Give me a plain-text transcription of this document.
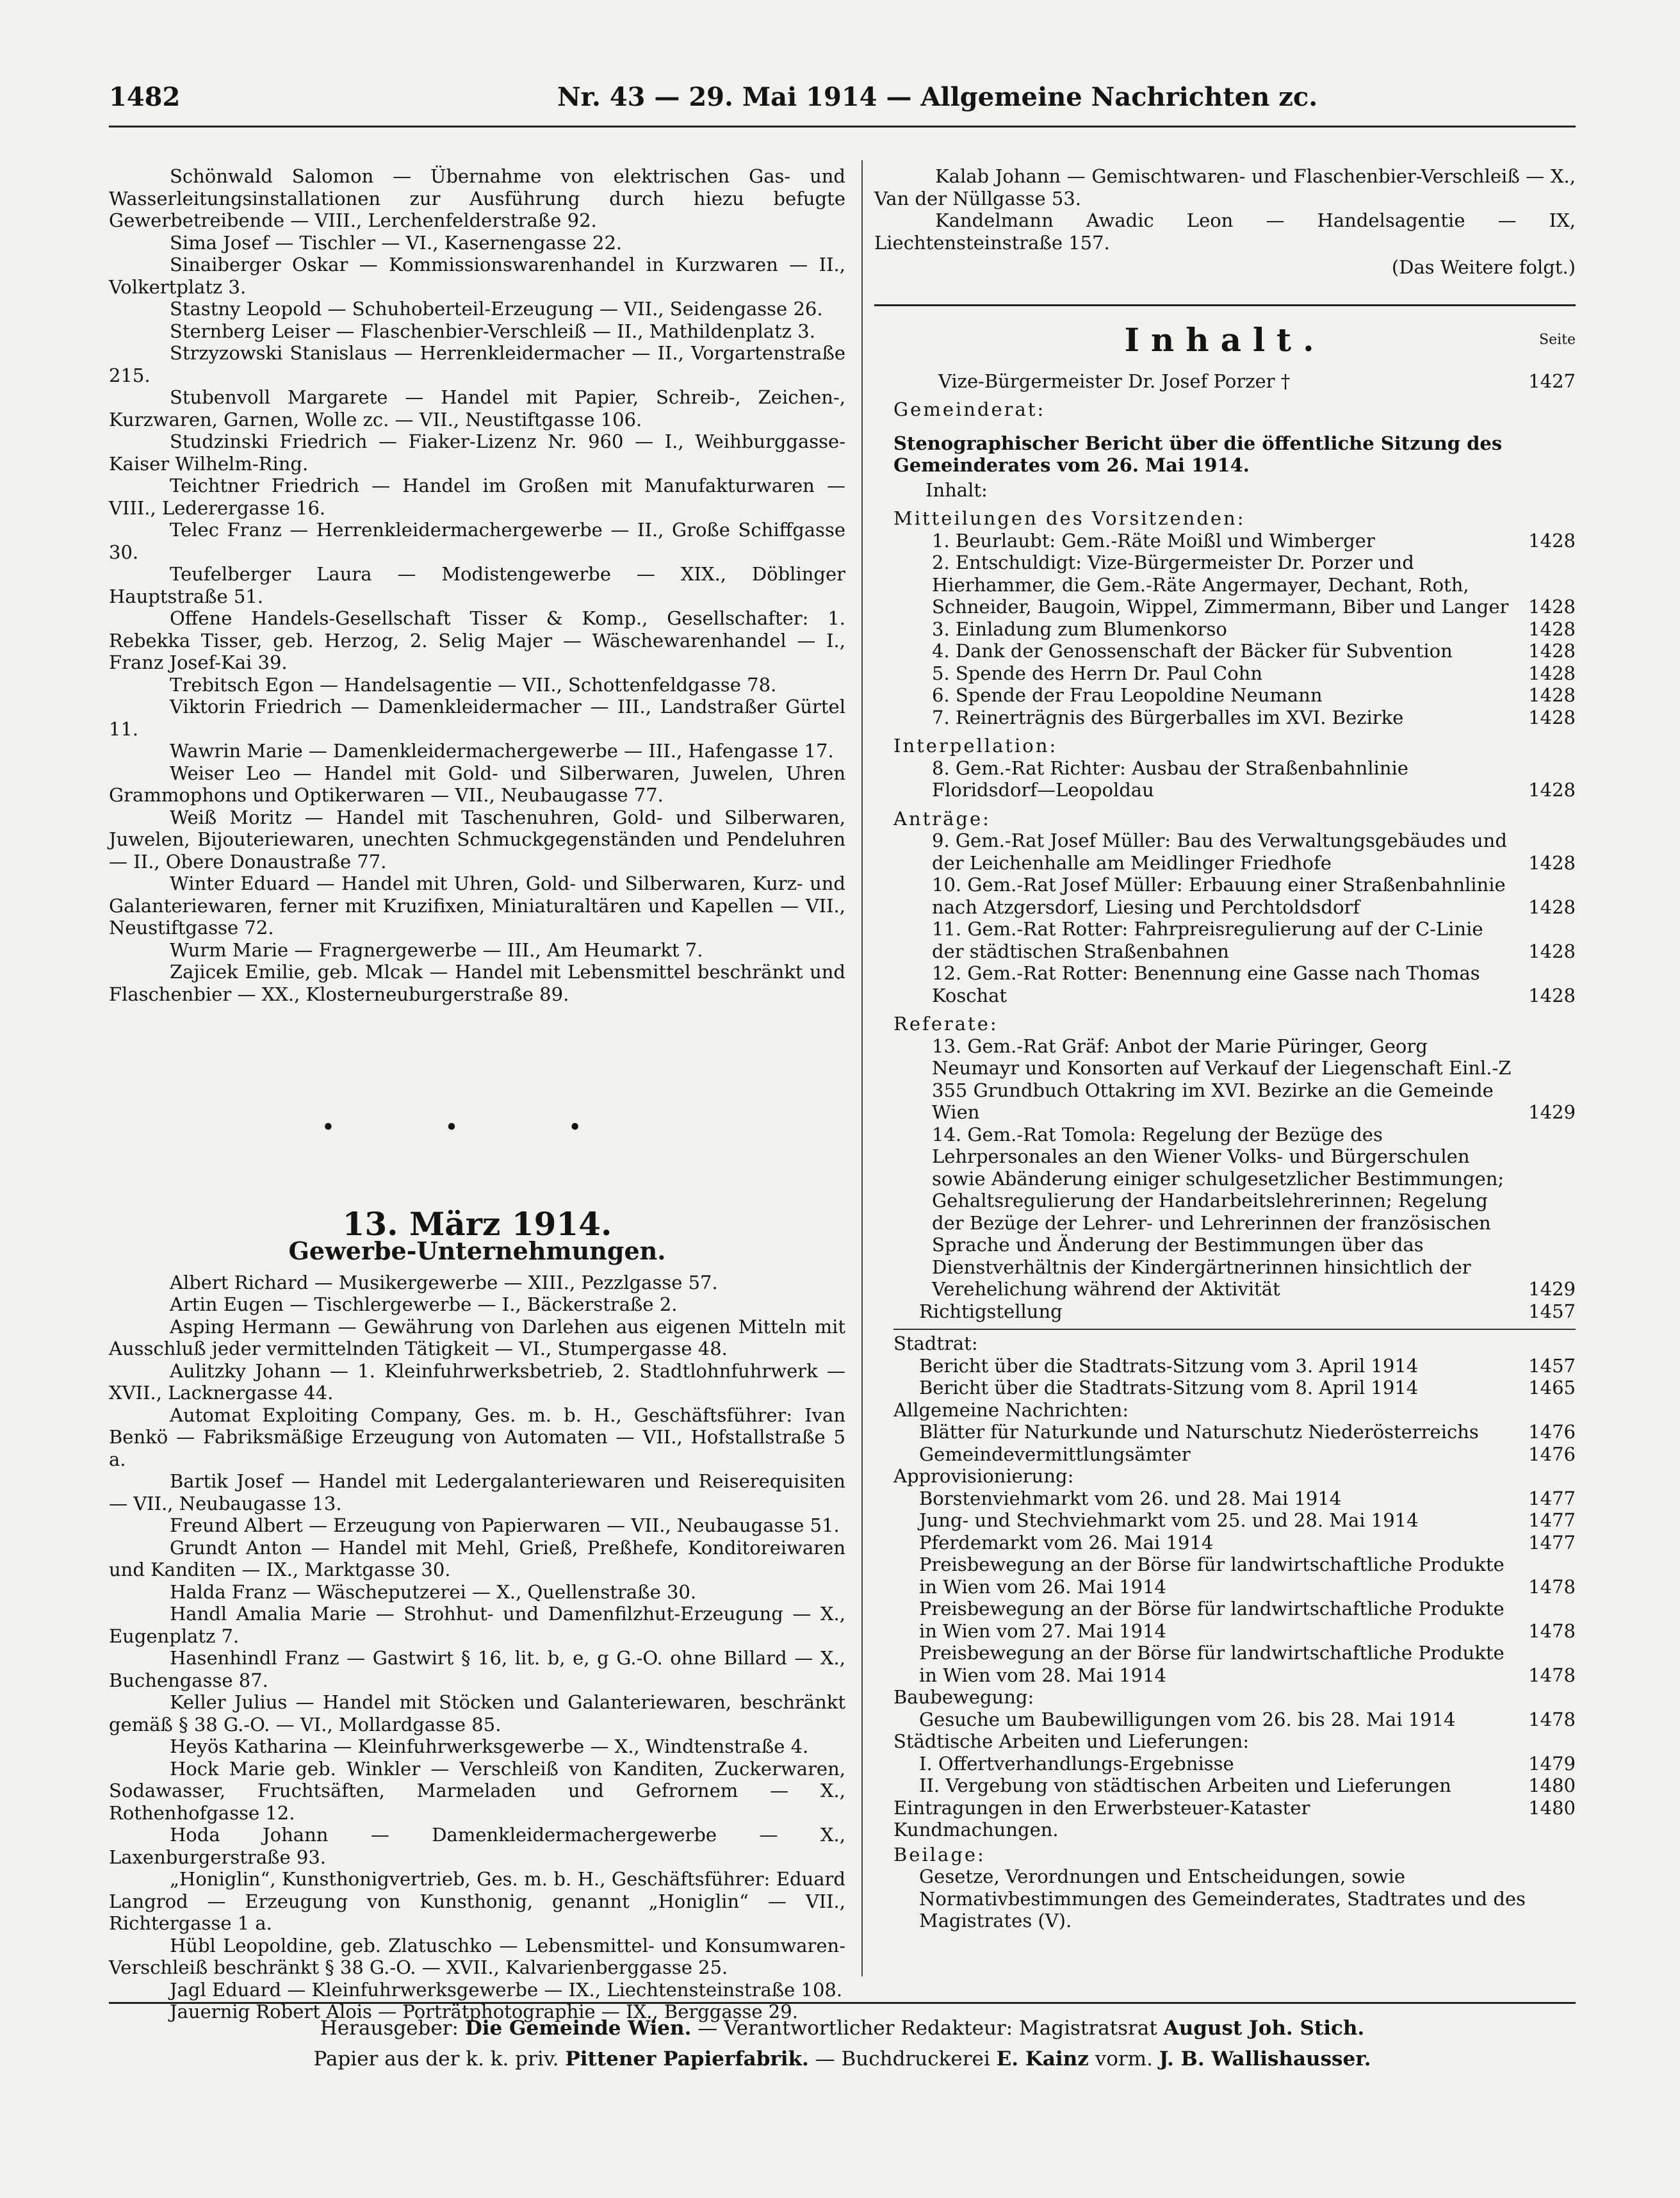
1482	Nr. 43 — 29. Mai 1914 — Allgemeine Nachrichten zc.

Schönwald Salomon — Übernahme von elektrischen Gas- und Wasserleitungsinstallationen zur Ausführung durch hiezu befugte Gewerbetreibende — VIII., Lerchenfelderstraße 92.

Sima Josef — Tischler — VI., Kasernengasse 22.

Sinaiberger Oskar — Kommissionswarenhandel in Kurzwaren — II., Volkertplatz 3.

Stastny Leopold — Schuhoberteil-Erzeugung — VII., Seidengasse 26.

Sternberg Leiser — Flaschenbier-Verschleiß — II., Mathildenplatz 3.

Strzyzowski Stanislaus — Herrenkleidermacher — II., Vorgartenstraße 215.

Stubenvoll Margarete — Handel mit Papier, Schreib-, Zeichen-, Kurzwaren, Garnen, Wolle zc. — VII., Neustiftgasse 106.

Studzinski Friedrich — Fiaker-Lizenz Nr. 960 — I., Weihburggasse-Kaiser Wilhelm-Ring.

Teichtner Friedrich — Handel im Großen mit Manufakturwaren — VIII., Lederergasse 16.

Telec Franz — Herrenkleidermachergewerbe — II., Große Schiffgasse 30.

Teufelberger Laura — Modistengewerbe — XIX., Döblinger Hauptstraße 51.

Offene Handels-Gesellschaft Tisser & Komp., Gesellschafter: 1. Rebekka Tisser, geb. Herzog, 2. Selig Majer — Wäschewarenhandel — I., Franz Josef-Kai 39.

Trebitsch Egon — Handelsagentie — VII., Schottenfeldgasse 78.

Viktorin Friedrich — Damenkleidermacher — III., Landstraßer Gürtel 11.

Wawrin Marie — Damenkleidermachergewerbe — III., Hafengasse 17.

Weiser Leo — Handel mit Gold- und Silberwaren, Juwelen, Uhren Grammophons und Optikerwaren — VII., Neubaugasse 77.

Weiß Moritz — Handel mit Taschenuhren, Gold- und Silberwaren, Juwelen, Bijouteriewaren, unechten Schmuckgegenständen und Pendeluhren — II., Obere Donaustraße 77.

Winter Eduard — Handel mit Uhren, Gold- und Silberwaren, Kurz- und Galanteriewaren, ferner mit Kruzifixen, Miniaturaltären und Kapellen — VII., Neustiftgasse 72.

Wurm Marie — Fragnergewerbe — III., Am Heumarkt 7.

Zajicek Emilie, geb. Mlcak — Handel mit Lebensmittel beschränkt und Flaschenbier — XX., Klosterneuburgerstraße 89.

• • •
13. März 1914.
Gewerbe-Unternehmungen.

Albert Richard — Musikergewerbe — XIII., Pezzlgasse 57.

Artin Eugen — Tischlergewerbe — I., Bäckerstraße 2.

Asping Hermann — Gewährung von Darlehen aus eigenen Mitteln mit Ausschluß jeder vermittelnden Tätigkeit — VI., Stumpergasse 48.

Aulitzky Johann — 1. Kleinfuhrwerksbetrieb, 2. Stadtlohnfuhrwerk — XVII., Lacknergasse 44.

Automat Exploiting Company, Ges. m. b. H., Geschäftsführer: Ivan Benkö — Fabriksmäßige Erzeugung von Automaten — VII., Hofstallstraße 5 a.

Bartik Josef — Handel mit Ledergalanteriewaren und Reiserequisiten — VII., Neubaugasse 13.

Freund Albert — Erzeugung von Papierwaren — VII., Neubaugasse 51.

Grundt Anton — Handel mit Mehl, Grieß, Preßhefe, Konditoreiwaren und Kanditen — IX., Marktgasse 30.

Halda Franz — Wäscheputzerei — X., Quellenstraße 30.

Handl Amalia Marie — Strohhut- und Damenfilzhut-Erzeugung — X., Eugenplatz 7.

Hasenhindl Franz — Gastwirt § 16, lit. b, e, g G.-O. ohne Billard — X., Buchengasse 87.

Keller Julius — Handel mit Stöcken und Galanteriewaren, beschränkt gemäß § 38 G.-O. — VI., Mollardgasse 85.

Heyös Katharina — Kleinfuhrwerksgewerbe — X., Windtenstraße 4.

Hock Marie geb. Winkler — Verschleiß von Kanditen, Zuckerwaren, Sodawasser, Fruchtsäften, Marmeladen und Gefrornem — X., Rothenhofgasse 12.

Hoda Johann — Damenkleidermachergewerbe — X., Laxenburgerstraße 93.

„Honiglin“, Kunsthonigvertrieb, Ges. m. b. H., Geschäftsführer: Eduard Langrod — Erzeugung von Kunsthonig, genannt „Honiglin“ — VII., Richtergasse 1 a.

Hübl Leopoldine, geb. Zlatuschko — Lebensmittel- und Konsumwaren-Verschleiß beschränkt § 38 G.-O. — XVII., Kalvarienberggasse 25.

Jagl Eduard — Kleinfuhrwerksgewerbe — IX., Liechtensteinstraße 108.

Jauernig Robert Alois — Porträtphotographie — IX., Berggasse 29.

Kalab Johann — Gemischtwaren- und Flaschenbier-Verschleiß — X., Van der Nüllgasse 53.

Kandelmann Awadic Leon — Handelsagentie — IX, Liechtensteinstraße 157.

(Das Weitere folgt.)

Inhalt.	Seite
Vize-Bürgermeister Dr. Josef Porzer †	1427
Gemeinderat:
Stenographischer Bericht über die öffentliche Sitzung des Gemeinderates vom 26. Mai 1914.
Inhalt:
Mitteilungen des Vorsitzenden:
1. Beurlaubt: Gem.-Räte Moißl und Wimberger	1428
2. Entschuldigt: Vize-Bürgermeister Dr. Porzer und Hierhammer, die Gem.-Räte Angermayer, Dechant, Roth, Schneider, Baugoin, Wippel, Zimmermann, Biber und Langer	1428
3. Einladung zum Blumenkorso	1428
4. Dank der Genossenschaft der Bäcker für Subvention	1428
5. Spende des Herrn Dr. Paul Cohn	1428
6. Spende der Frau Leopoldine Neumann	1428
7. Reinerträgnis des Bürgerballes im XVI. Bezirke	1428
Interpellation:
8. Gem.-Rat Richter: Ausbau der Straßenbahnlinie Floridsdorf—Leopoldau	1428
Anträge:
9. Gem.-Rat Josef Müller: Bau des Verwaltungsgebäudes und der Leichenhalle am Meidlinger Friedhofe	1428
10. Gem.-Rat Josef Müller: Erbauung einer Straßenbahnlinie nach Atzgersdorf, Liesing und Perchtoldsdorf	1428
11. Gem.-Rat Rotter: Fahrpreisregulierung auf der C-Linie der städtischen Straßenbahnen	1428
12. Gem.-Rat Rotter: Benennung eine Gasse nach Thomas Koschat	1428
Referate:
13. Gem.-Rat Gräf: Anbot der Marie Püringer, Georg Neumayr und Konsorten auf Verkauf der Liegenschaft Einl.-Z 355 Grundbuch Ottakring im XVI. Bezirke an die Gemeinde Wien	1429
14. Gem.-Rat Tomola: Regelung der Bezüge des Lehrpersonales an den Wiener Volks- und Bürgerschulen sowie Abänderung einiger schulgesetzlicher Bestimmungen; Gehaltsregulierung der Handarbeitslehrerinnen; Regelung der Bezüge der Lehrer- und Lehrerinnen der französischen Sprache und Änderung der Bestimmungen über das Dienstverhältnis der Kindergärtnerinnen hinsichtlich der Verehelichung während der Aktivität	1429
Richtigstellung	1457
Stadtrat:
Bericht über die Stadtrats-Sitzung vom 3. April 1914	1457
Bericht über die Stadtrats-Sitzung vom 8. April 1914	1465
Allgemeine Nachrichten:
Blätter für Naturkunde und Naturschutz Niederösterreichs	1476
Gemeindevermittlungsämter	1476
Approvisionierung:
Borstenviehmarkt vom 26. und 28. Mai 1914	1477
Jung- und Stechviehmarkt vom 25. und 28. Mai 1914	1477
Pferdemarkt vom 26. Mai 1914	1477
Preisbewegung an der Börse für landwirtschaftliche Produkte in Wien vom 26. Mai 1914	1478
Preisbewegung an der Börse für landwirtschaftliche Produkte in Wien vom 27. Mai 1914	1478
Preisbewegung an der Börse für landwirtschaftliche Produkte in Wien vom 28. Mai 1914	1478
Baubewegung:
Gesuche um Baubewilligungen vom 26. bis 28. Mai 1914	1478
Städtische Arbeiten und Lieferungen:
I. Offertverhandlungs-Ergebnisse	1479
II. Vergebung von städtischen Arbeiten und Lieferungen	1480
Eintragungen in den Erwerbsteuer-Kataster	1480
Kundmachungen.
Beilage:
Gesetze, Verordnungen und Entscheidungen, sowie Normativbestimmungen des Gemeinderates, Stadtrates und des Magistrates (V).
Herausgeber: Die Gemeinde Wien. — Verantwortlicher Redakteur: Magistratsrat August Joh. Stich.
Papier aus der k. k. priv. Pittener Papierfabrik. — Buchdruckerei E. Kainz vorm. J. B. Wallishausser.
